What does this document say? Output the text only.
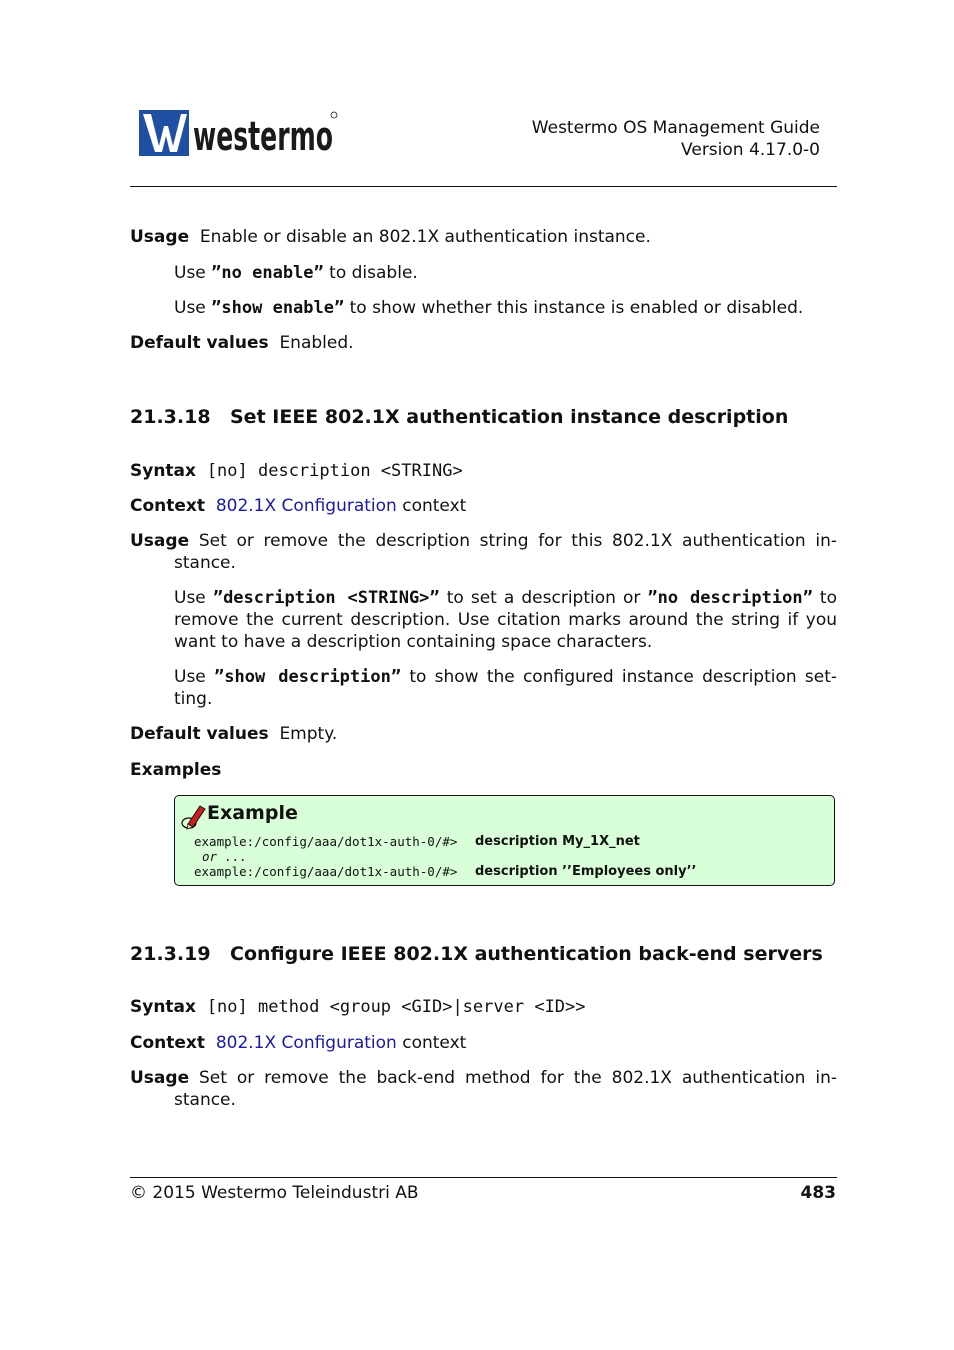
westermo	Westermo OS Management Guide
Version 4.17.0-0
Usage Enable or disable an 802.1X authentication instance.
Use ”no enable” to disable.
Use ”show enable” to show whether this instance is enabled or disabled.
Default values Enabled.
21.3.18 Set IEEE 802.1X authentication instance description
Syntax [no] description <STRING>
Context 802.1X Configuration context
Usage Set or remove the description string for this 802.1X authentication in-
stance.
Use ”description <STRING>” to set a description or ”no description” to
remove the current description. Use citation marks around the string if you
want to have a description containing space characters.
Use ”show description” to show the configured instance description set-
ting.
Default values Empty.
Examples
Example
example:/config/aaa/dot1x-auth-0/#> description My_1X_net
or ...
example:/config/aaa/dot1x-auth-0/#> description ’’Employees only’’
21.3.19 Configure IEEE 802.1X authentication back-end servers
Syntax [no] method <group <GID>|server <ID>>
Context 802.1X Configuration context
Usage Set or remove the back-end method for the 802.1X authentication in-
stance.
© 2015 Westermo Teleindustri AB	483
